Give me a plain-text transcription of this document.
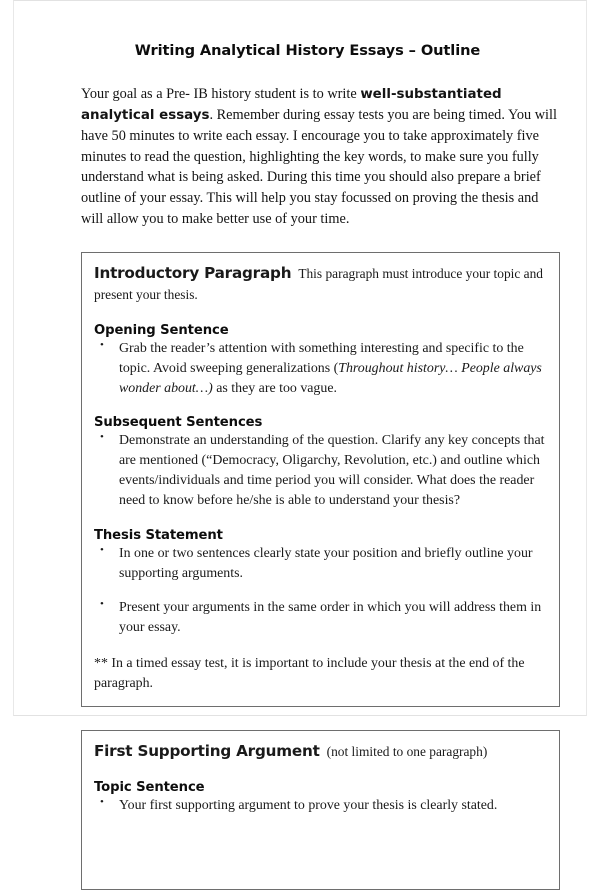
Writing Analytical History Essays – Outline

Your goal as a Pre- IB history student is to write well-substantiated analytical essays. Remember during essay tests you are being timed. You will have 50 minutes to write each essay. I encourage you to take approximately five minutes to read the question, highlighting the key words, to make sure you fully understand what is being asked. During this time you should also prepare a brief outline of your essay. This will help you stay focussed on proving the thesis and will allow you to make better use of your time.

Introductory Paragraph This paragraph must introduce your topic and present your thesis.

Opening Sentence
• Grab the reader’s attention with something interesting and specific to the topic. Avoid sweeping generalizations (Throughout history… People always wonder about…) as they are too vague.
Subsequent Sentences
• Demonstrate an understanding of the question. Clarify any key concepts that are mentioned (“Democracy, Oligarchy, Revolution, etc.) and outline which events/individuals and time period you will consider. What does the reader need to know before he/she is able to understand your thesis?
Thesis Statement
• In one or two sentences clearly state your position and briefly outline your supporting arguments.
• Present your arguments in the same order in which you will address them in your essay.

** In a timed essay test, it is important to include your thesis at the end of the paragraph.

First Supporting Argument (not limited to one paragraph)

Topic Sentence
• Your first supporting argument to prove your thesis is clearly stated.
